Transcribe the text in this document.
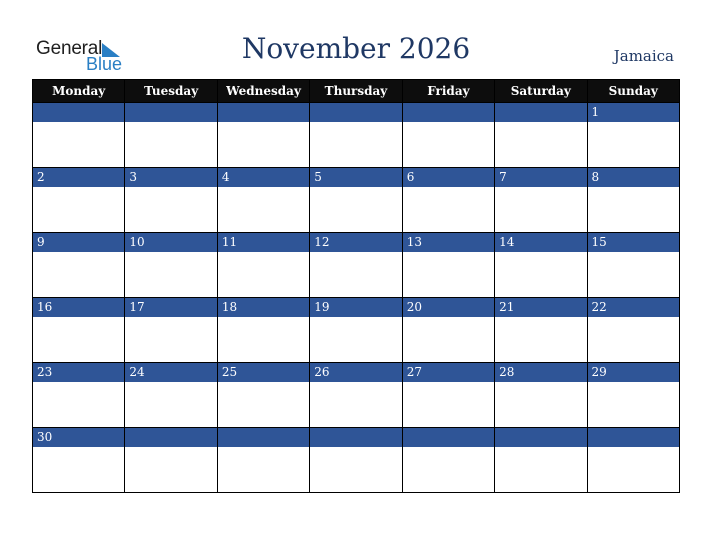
General
Blue	November 2026	Jamaica
Monday	Tuesday	Wednesday	Thursday	Friday	Saturday	Sunday

						1

2	3	4	5	6	7	8

9	10	11	12	13	14	15

16	17	18	19	20	21	22

23	24	25	26	27	28	29

30						
